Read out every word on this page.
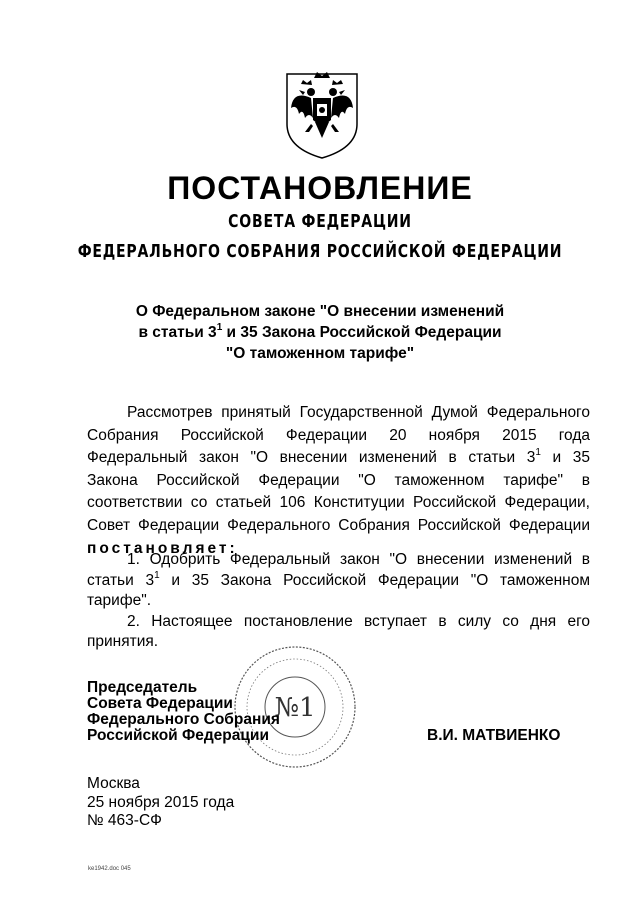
ПОСТАНОВЛЕНИЕ
СОВЕТА ФЕДЕРАЦИИ
ФЕДЕРАЛЬНОГО СОБРАНИЯ РОССИЙСКОЙ ФЕДЕРАЦИИ
О Федеральном законе "О внесении изменений
в статьи $3^1$ и 35 Закона Российской Федерации
"О таможенном тарифе"
Рассмотрев принятый Государственной Думой Федерального
Собрания Российской Федерации 20 ноября 2015 года
Федеральный закон "О внесении изменений в статьи $3^1$ и 35
Закона Российской Федерации "О таможенном тарифе" в
соответствии со статьей 106 Конституции Российской Федерации,
Совет Федерации Федерального Собрания Российской Федерации
постановляет:
1. Одобрить Федеральный закон "О внесении изменений в
статьи $3^1$ и 35 Закона Российской Федерации "О таможенном
тарифе".
2. Настоящее постановление вступает в силу со дня его
принятия.
№1
Председатель
Совета Федерации
Федерального Собрания
Российской Федерации	В.И. МАТВИЕНКО
Москва
25 ноября 2015 года
№ 463-СФ
ke1942.doc 045
